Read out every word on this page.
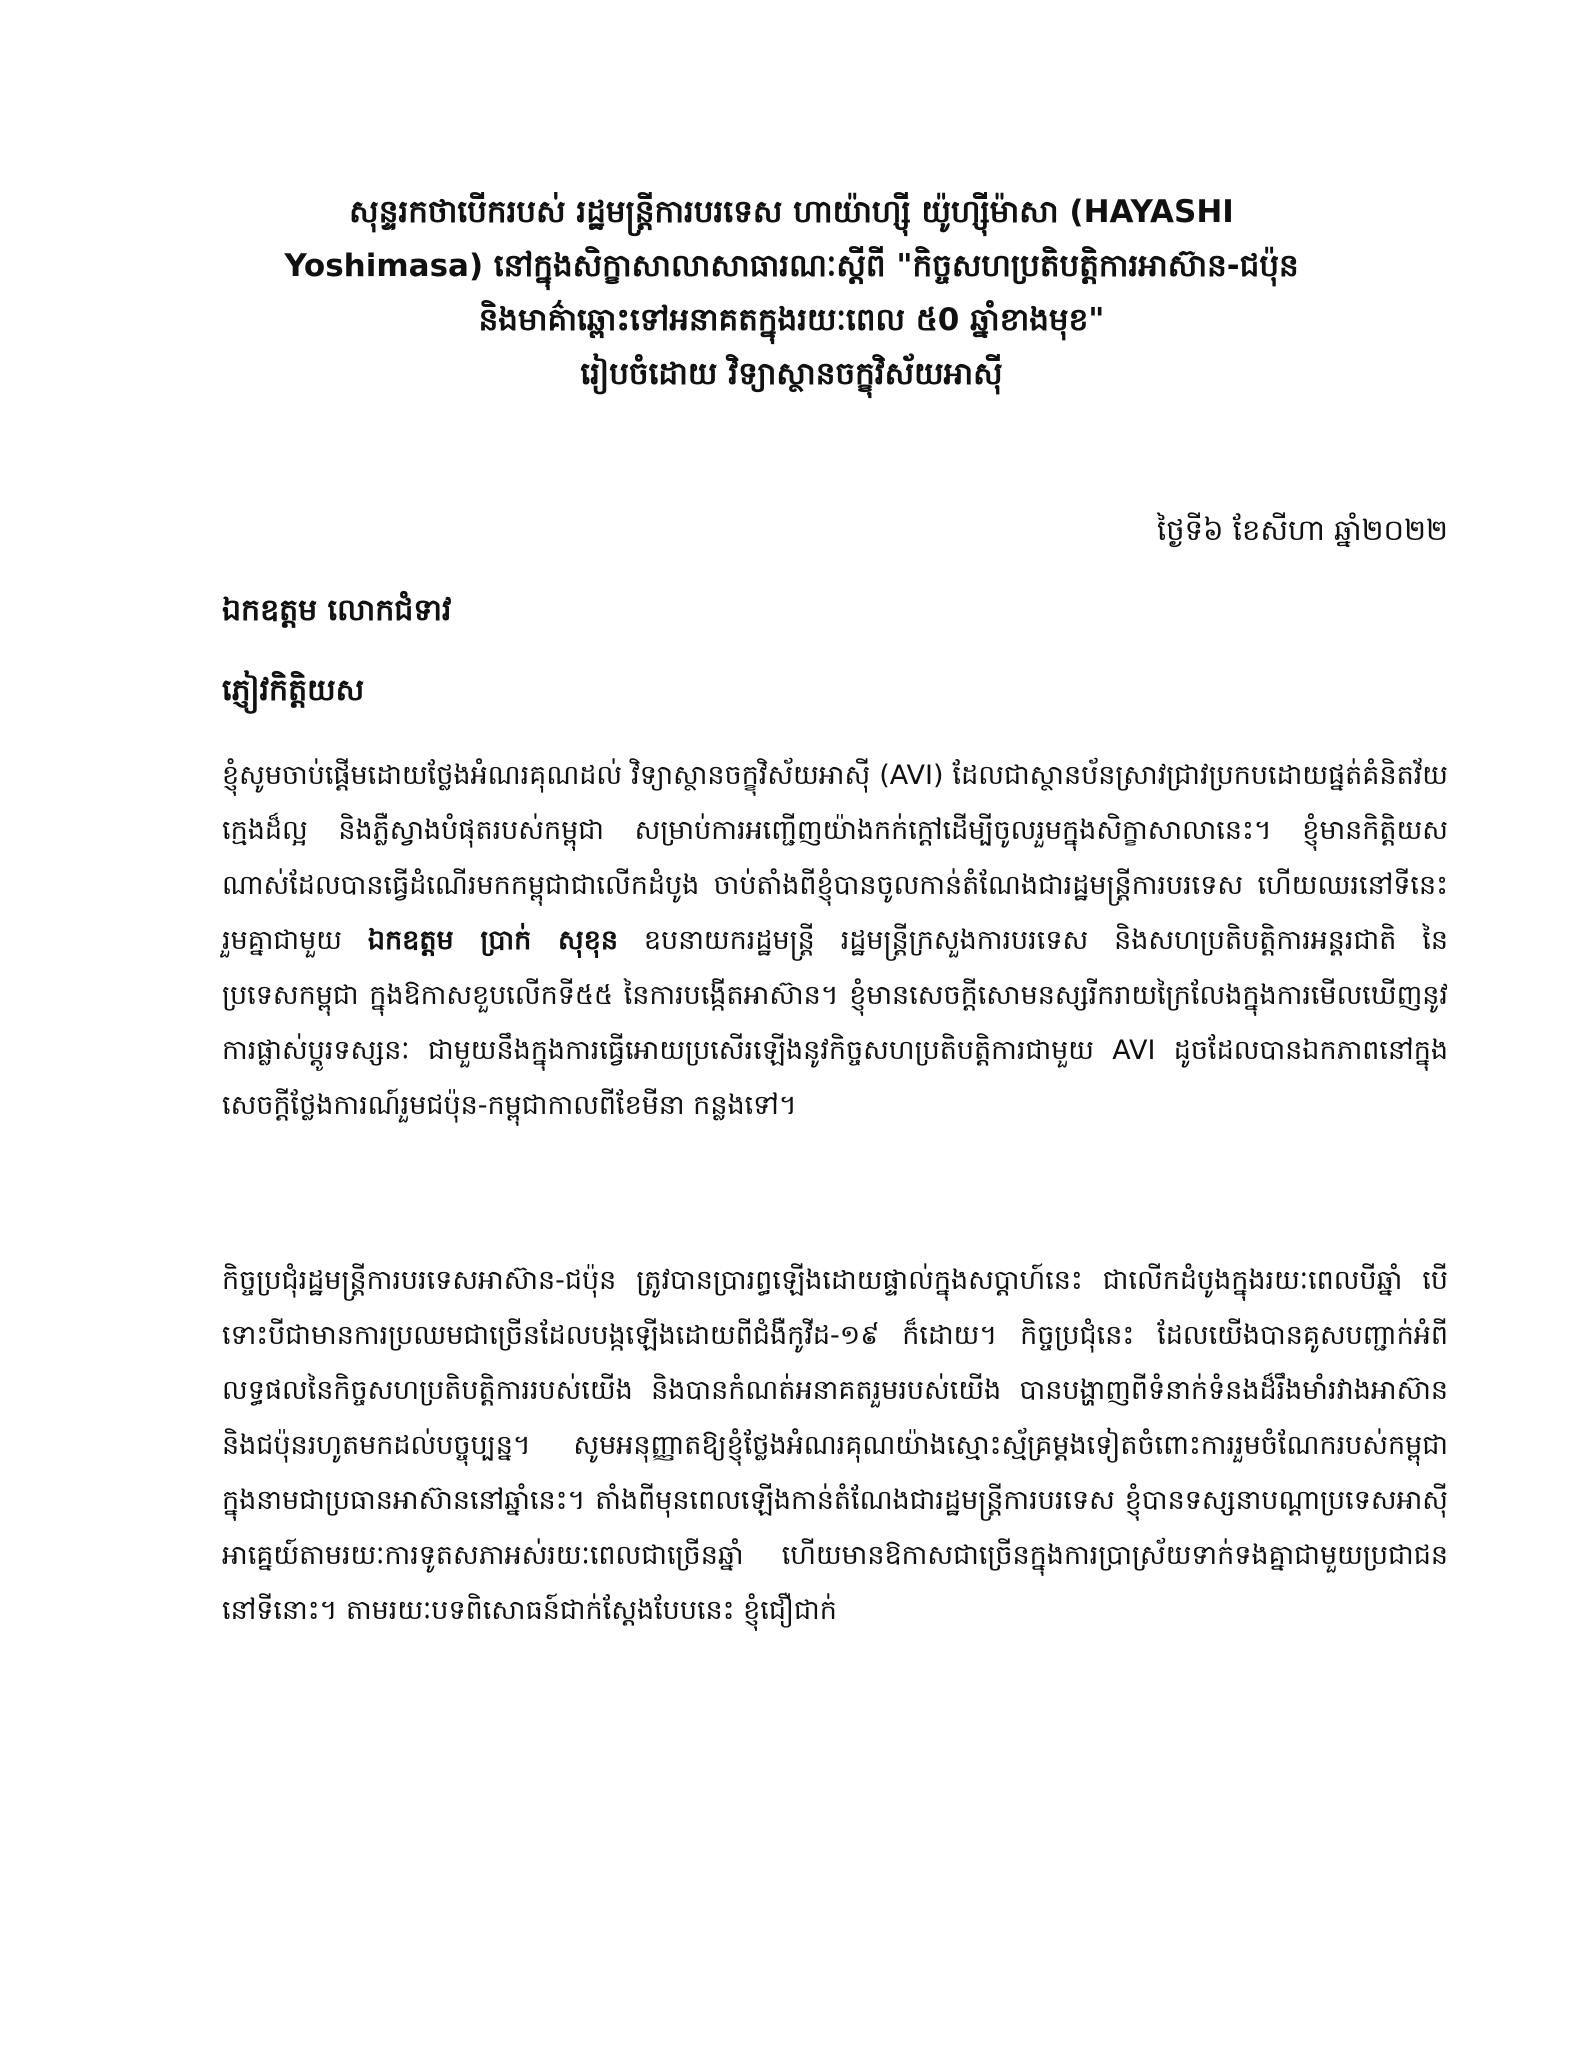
សុន្ទរកថាបើករបស់ រដ្ឋមន្ត្រីការបរទេស ហាយ៉ាហ្ស៊ី យ៉ូហ្ស៊ីម៉ាសា (HAYASHI
Yoshimasa) នៅក្នុងសិក្ខាសាលាសាធារណៈស្តីពី "កិច្ចសហប្រតិបត្តិការអាស៊ាន-ជប៉ុន
និងមាគ៌ាឆ្ពោះទៅអនាគតក្នុងរយៈពេល ៥0 ឆ្នាំខាងមុខ"
រៀបចំដោយ វិទ្យាស្ថានចក្ខុវិស័យអាស៊ី
ថ្ងៃទី៦ ខែសីហា ឆ្នាំ២០២២
ឯកឧត្តម លោកជំទាវ
ភ្ញៀវកិត្តិយស
ខ្ញុំសូមចាប់ផ្តើមដោយថ្លែងអំណរគុណដល់ វិទ្យាស្ថានចក្ខុវិស័យអាស៊ី (AVI) ដែលជាស្ថានប័នស្រាវជ្រាវប្រកបដោយផ្នត់គំនិតវ័យក្មេងដ៏ល្អ និងភ្លឺស្វាងបំផុតរបស់កម្ពុជា សម្រាប់ការអញ្ជើញយ៉ាងកក់ក្តៅដើម្បីចូលរួមក្នុងសិក្ខាសាលានេះ។ ខ្ញុំមានកិត្តិយសណាស់ដែលបានធ្វើដំណើរមកកម្ពុជាជាលើកដំបូង ចាប់តាំងពីខ្ញុំបានចូលកាន់តំណែងជារដ្ឋមន្ត្រីការបរទេស ហើយឈរនៅទីនេះរួមគ្នាជាមួយ ឯកឧត្តម ប្រាក់ សុខុន ឧបនាយករដ្ឋមន្ត្រី រដ្ឋមន្ត្រីក្រសួងការបរទេស និងសហប្រតិបត្តិការអន្តរជាតិ នៃប្រទេសកម្ពុជា ក្នុងឱកាសខួបលើកទី៥៥ នៃការបង្កើតអាស៊ាន។ ខ្ញុំមានសេចក្តីសោមនស្សរីករាយក្រៃលែងក្នុងការមើលឃើញនូវការផ្លាស់ប្តូរទស្សនៈ ជាមួយនឹងក្នុងការធ្វើអោយប្រសើរឡើងនូវកិច្ចសហប្រតិបត្តិការជាមួយ AVI ដូចដែលបានឯកភាពនៅក្នុងសេចក្តីថ្លែងការណ៍រួមជប៉ុន-កម្ពុជាកាលពីខែមីនា កន្លងទៅ។
កិច្ចប្រជុំរដ្ឋមន្ត្រីការបរទេសអាស៊ាន-ជប៉ុន ត្រូវបានប្រារព្ធឡើងដោយផ្ទាល់ក្នុងសប្តាហ៍នេះ ជាលើកដំបូងក្នុងរយៈពេលបីឆ្នាំ បើទោះបីជាមានការប្រឈមជាច្រើនដែលបង្កឡើងដោយពីជំងឺកូវីដ-១៩ ក៏ដោយ។ កិច្ចប្រជុំនេះ ដែលយើងបានគូសបញ្ជាក់អំពីលទ្ធផលនៃកិច្ចសហប្រតិបត្តិការរបស់យើង និងបានកំណត់អនាគតរួមរបស់យើង បានបង្ហាញពីទំនាក់ទំនងដ៏រឹងមាំរវាងអាស៊ាន និងជប៉ុនរហូតមកដល់បច្ចុប្បន្ន។ សូមអនុញ្ញាតឱ្យខ្ញុំថ្លែងអំណរគុណយ៉ាងស្មោះស្ម័គ្រម្តងទៀតចំពោះការរួមចំណែករបស់កម្ពុជាក្នុងនាមជាប្រធានអាស៊ាននៅឆ្នាំនេះ។ តាំងពីមុនពេលឡើងកាន់តំណែងជារដ្ឋមន្ត្រីការបរទេស ខ្ញុំបានទស្សនាបណ្តាប្រទេសអាស៊ីអាគ្នេយ៍តាមរយៈការទូតសភាអស់រយៈពេលជាច្រើនឆ្នាំ ហើយមានឱកាសជាច្រើនក្នុងការប្រាស្រ័យទាក់ទងគ្នាជាមួយប្រជាជននៅទីនោះ។ តាមរយៈបទពិសោធន៍ជាក់ស្តែងបែបនេះ ខ្ញុំជឿជាក់
